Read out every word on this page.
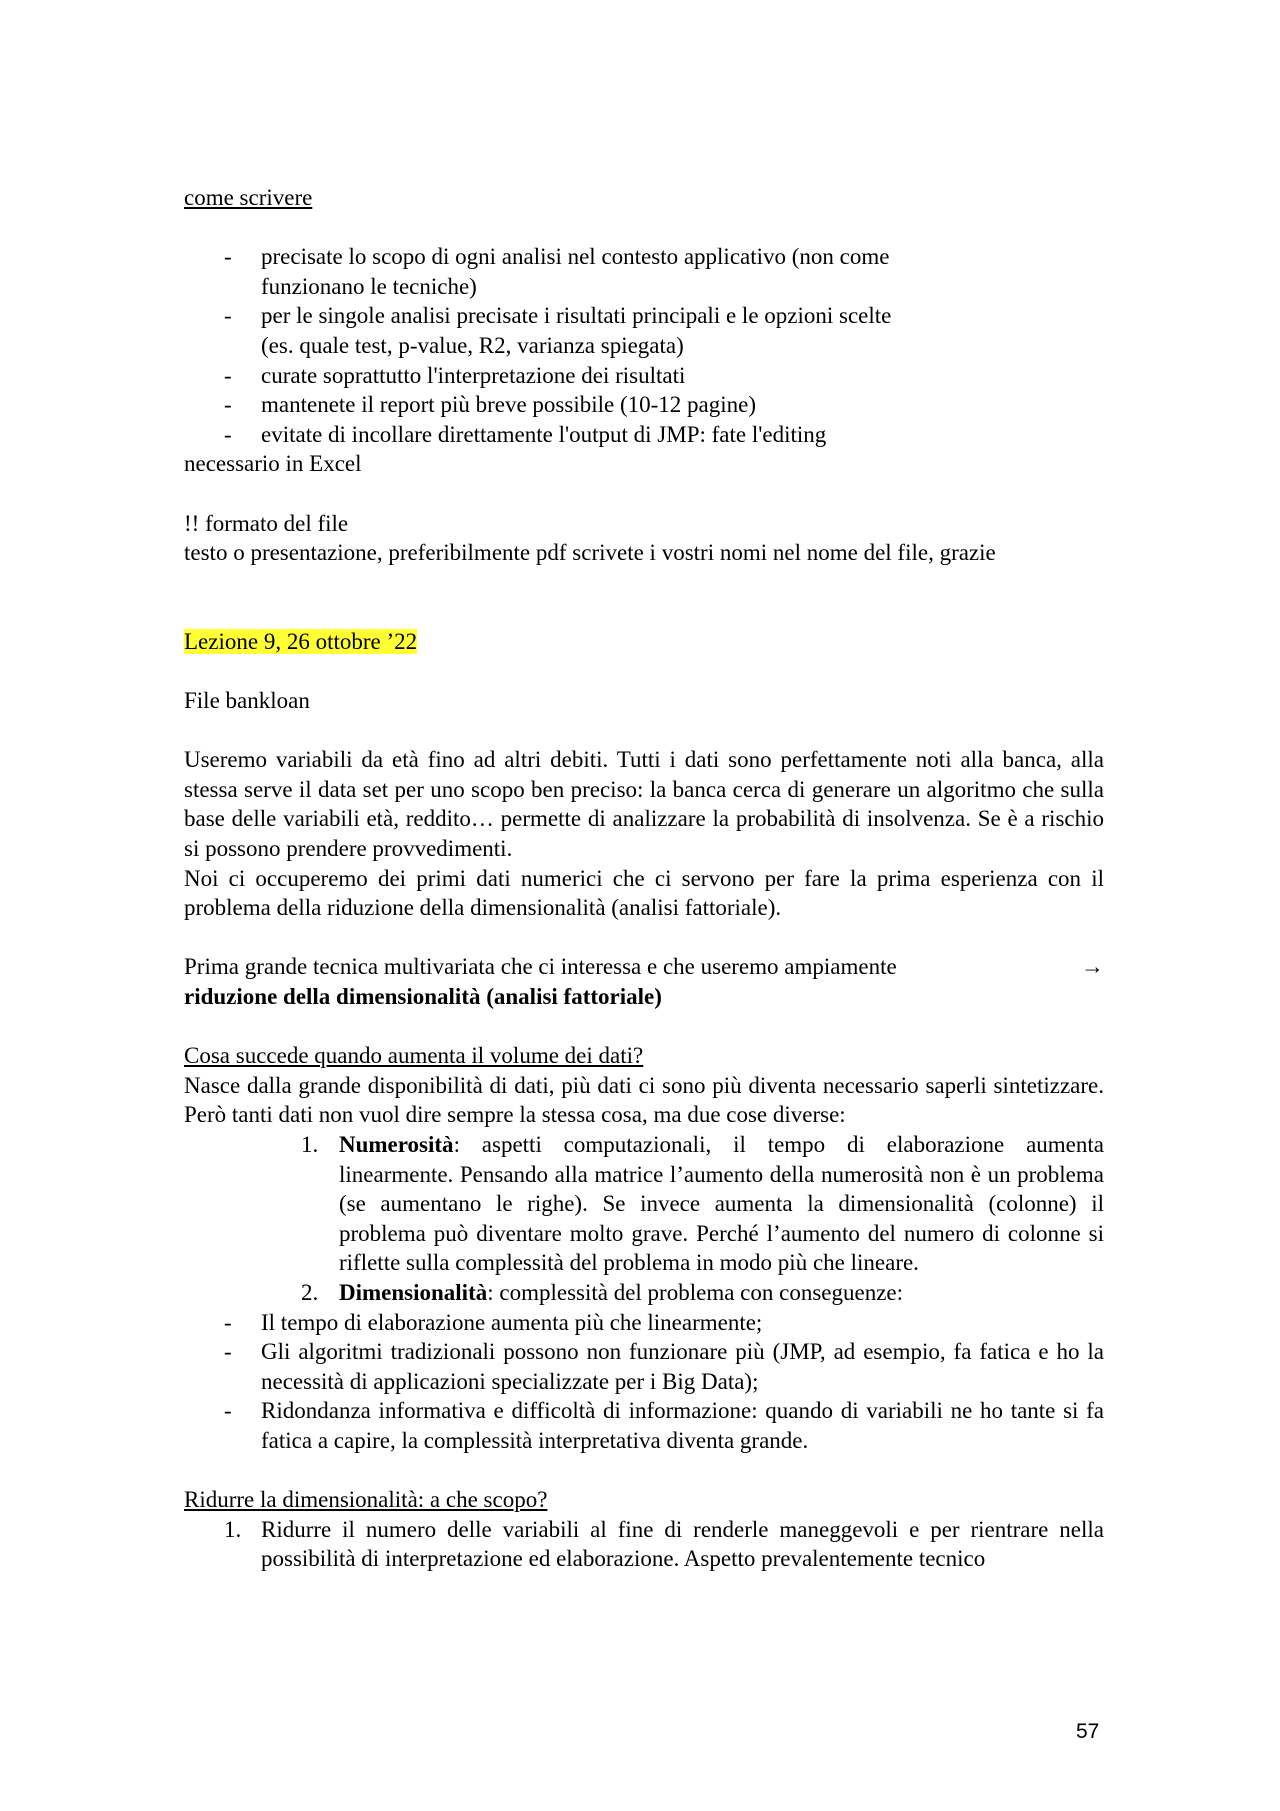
come scrivere

- precisate lo scopo di ogni analisi nel contesto applicativo (non come funzionano le tecniche)
- per le singole analisi precisate i risultati principali e le opzioni scelte (es. quale test, p-value, R2, varianza spiegata)
- curate soprattutto l'interpretazione dei risultati
- mantenete il report più breve possibile (10-12 pagine)
- evitate di incollare direttamente l'output di JMP: fate l'editing

necessario in Excel

!! formato del file

testo o presentazione, preferibilmente pdf scrivete i vostri nomi nel nome del file, grazie

Lezione 9, 26 ottobre ’22

File bankloan

Useremo variabili da età fino ad altri debiti. Tutti i dati sono perfettamente noti alla banca, alla stessa serve il data set per uno scopo ben preciso: la banca cerca di generare un algoritmo che sulla base delle variabili età, reddito… permette di analizzare la probabilità di insolvenza. Se è a rischio si possono prendere provvedimenti.

Noi ci occuperemo dei primi dati numerici che ci servono per fare la prima esperienza con il problema della riduzione della dimensionalità (analisi fattoriale).

Prima grande tecnica multivariata che ci interessa e che useremo ampiamente	→

riduzione della dimensionalità (analisi fattoriale)

Cosa succede quando aumenta il volume dei dati?

Nasce dalla grande disponibilità di dati, più dati ci sono più diventa necessario saperli sintetizzare. Però tanti dati non vuol dire sempre la stessa cosa, ma due cose diverse:

1. Numerosità: aspetti computazionali, il tempo di elaborazione aumenta linearmente. Pensando alla matrice l’aumento della numerosità non è un problema (se aumentano le righe). Se invece aumenta la dimensionalità (colonne) il problema può diventare molto grave. Perché l’aumento del numero di colonne si riflette sulla complessità del problema in modo più che lineare.
2. Dimensionalità: complessità del problema con conseguenze:
- Il tempo di elaborazione aumenta più che linearmente;
- Gli algoritmi tradizionali possono non funzionare più (JMP, ad esempio, fa fatica e ho la necessità di applicazioni specializzate per i Big Data);
- Ridondanza informativa e difficoltà di informazione: quando di variabili ne ho tante si fa fatica a capire, la complessità interpretativa diventa grande.

Ridurre la dimensionalità: a che scopo?

1. Ridurre il numero delle variabili al fine di renderle maneggevoli e per rientrare nella possibilità di interpretazione ed elaborazione. Aspetto prevalentemente tecnico
57
